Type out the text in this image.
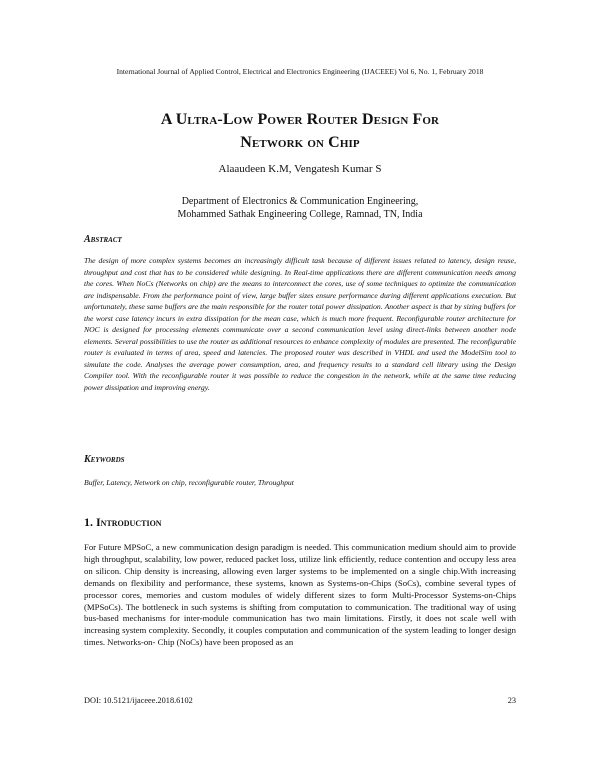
International Journal of Applied Control, Electrical and Electronics Engineering (IJACEEE) Vol 6, No. 1, February 2018
A Ultra-Low Power Router Design For
Network on Chip
Alaaudeen K.M, Vengatesh Kumar S
Department of Electronics & Communication Engineering,
Mohammed Sathak Engineering College, Ramnad, TN, India
Abstract
The design of more complex systems becomes an increasingly difficult task because of different issues related to latency, design reuse, throughput and cost that has to be considered while designing. In Real-time applications there are different communication needs among the cores. When NoCs (Networks on chip) are the means to interconnect the cores, use of some techniques to optimize the communication are indispensable. From the performance point of view, large buffer sizes ensure performance during different applications execution. But unfortunately, these same buffers are the main responsible for the router total power dissipation. Another aspect is that by sizing buffers for the worst case latency incurs in extra dissipation for the mean case, which is much more frequent. Reconfigurable router architecture for NOC is designed for processing elements communicate over a second communication level using direct-links between another node elements. Several possibilities to use the router as additional resources to enhance complexity of modules are presented. The reconfigurable router is evaluated in terms of area, speed and latencies. The proposed router was described in VHDL and used the ModelSim tool to simulate the code. Analyses the average power consumption, area, and frequency results to a standard cell library using the Design Compiler tool. With the reconfigurable router it was possible to reduce the congestion in the network, while at the same time reducing power dissipation and improving energy.
Keywords
Buffer, Latency, Network on chip, reconfigurable router, Throughput
1. Introduction
For Future MPSoC, a new communication design paradigm is needed. This communication medium should aim to provide high throughput, scalability, low power, reduced packet loss, utilize link efficiently, reduce contention and occupy less area on silicon. Chip density is increasing, allowing even larger systems to be implemented on a single chip.With increasing demands on flexibility and performance, these systems, known as Systems-on-Chips (SoCs), combine several types of processor cores, memories and custom modules of widely different sizes to form Multi-Processor Systems-on-Chips (MPSoCs). The bottleneck in such systems is shifting from computation to communication. The traditional way of using bus-based mechanisms for inter-module communication has two main limitations. Firstly, it does not scale well with increasing system complexity. Secondly, it couples computation and communication of the system leading to longer design times. Networks-on- Chip (NoCs) have been proposed as an
DOI: 10.5121/ijaceee.2018.6102	23
